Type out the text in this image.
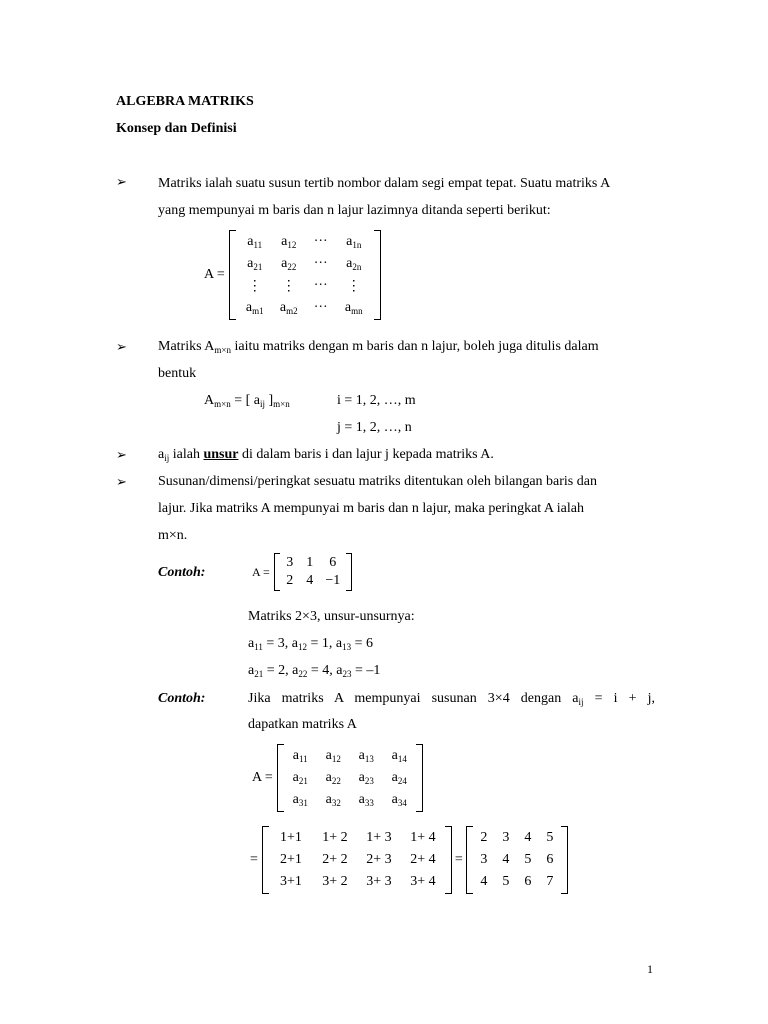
ALGEBRA MATRIKS
Konsep dan Definisi
➢ Matriks ialah suatu susun tertib nombor dalam segi empat tepat. Suatu matriks A
yang mempunyai m baris dan n lajur lazimnya ditanda seperti berikut:
A =
$a_{11}$ $a_{12}$ ··· $a_{1n}$
$a_{21}$ $a_{22}$ ··· $a_{2n}$
⋮ ⋮ ··· ⋮
$a_{m1}$ $a_{m2}$ ··· $a_{mn}$
➢ Matriks $A_{m\times n}$ iaitu matriks dengan m baris dan n lajur, boleh juga ditulis dalam
bentuk
$A_{m\times n}$ = [ $a_{ij}$ ]$_{m\times n}$	i = 1, 2, …, m
j = 1, 2, …, n
➢ $a_{ij}$ ialah unsur di dalam baris i dan lajur j kepada matriks A.
➢ Susunan/dimensi/peringkat sesuatu matriks ditentukan oleh bilangan baris dan
lajur. Jika matriks A mempunyai m baris dan n lajur, maka peringkat A ialah
m×n.
Contoh:	A =
3 1 6
2 4 −1
Matriks 2×3, unsur-unsurnya:
$a_{11} = 3$, $a_{12} = 1$, $a_{13} = 6$
$a_{21} = 2$, $a_{22} = 4$, $a_{23} = -1$
Contoh:	Jika matriks A mempunyai susunan 3×4 dengan $a_{ij} = i + j$,
dapatkan matriks A
A =
$a_{11}$ $a_{12}$ $a_{13}$ $a_{14}$
$a_{21}$ $a_{22}$ $a_{23}$ $a_{24}$
$a_{31}$ $a_{32}$ $a_{33}$ $a_{34}$
=
1+1 1+ 2 1+ 3 1+ 4
2+1 2+ 2 2+ 3 2+ 4
3+1 3+ 2 3+ 3 3+ 4
=
2 3 4 5
3 4 5 6
4 5 6 7
1
